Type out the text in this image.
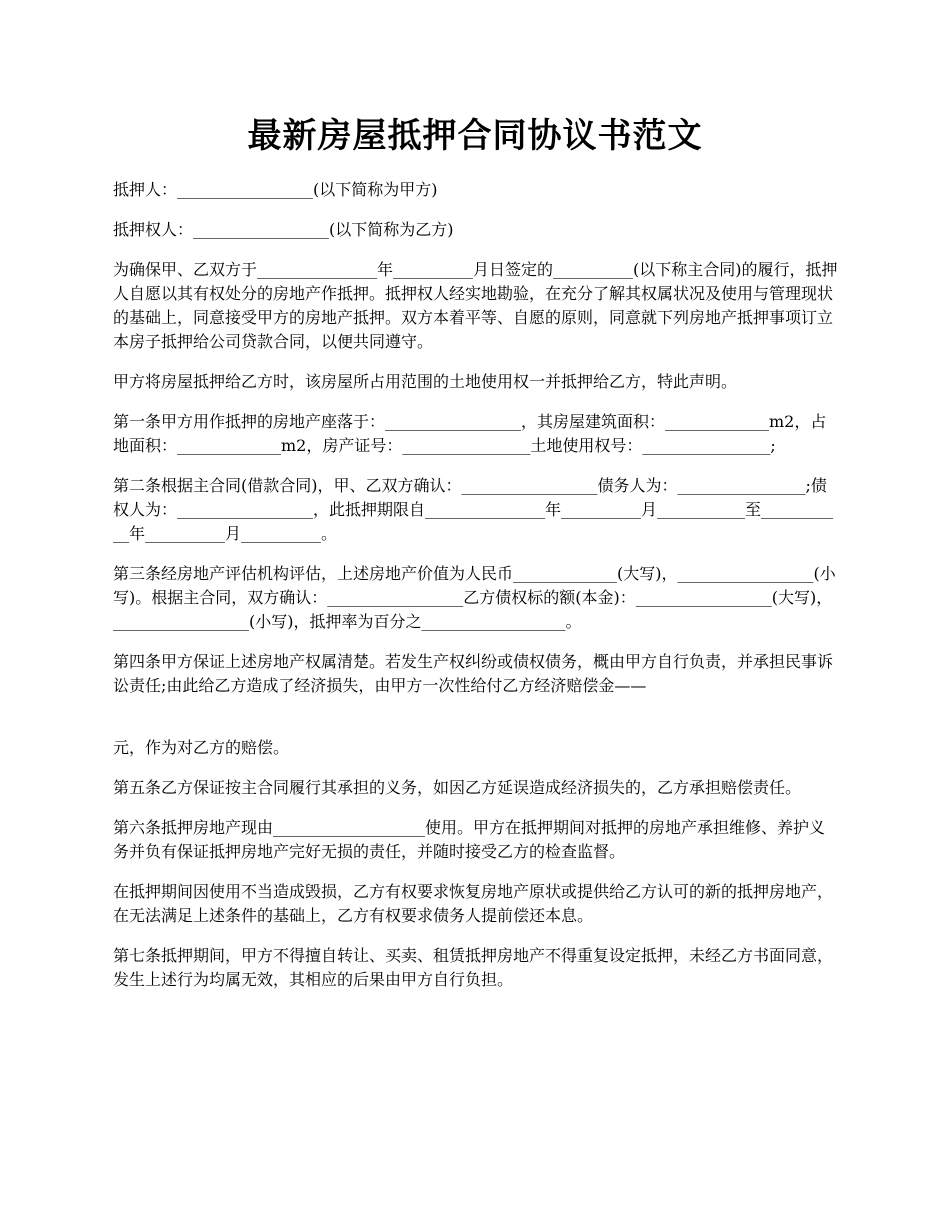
最新房屋抵押合同协议书范文

抵押人：_________________(以下简称为甲方)

抵押权人：_________________(以下简称为乙方)

为确保甲、乙双方于_______________年__________月日签定的__________(以下称主合同)的履行，抵押人自愿以其有权处分的房地产作抵押。抵押权人经实地勘验，在充分了解其权属状况及使用与管理现状的基础上，同意接受甲方的房地产抵押。双方本着平等、自愿的原则，同意就下列房地产抵押事项订立本房子抵押给公司贷款合同，以便共同遵守。

甲方将房屋抵押给乙方时，该房屋所占用范围的土地使用权一并抵押给乙方，特此声明。

第一条甲方用作抵押的房地产座落于：_________________，其房屋建筑面积：_____________m2，占地面积：_____________m2，房产证号：________________土地使用权号：________________;

第二条根据主合同(借款合同)，甲、乙双方确认：_________________债务人为：________________;债权人为：_________________，此抵押期限自_______________年__________月___________至___________年__________月__________。

第三条经房地产评估机构评估，上述房地产价值为人民币_____________(大写)，_________________(小写)。根据主合同，双方确认：_________________乙方债权标的额(本金)：_________________(大写)，_________________(小写)，抵押率为百分之__________________。

第四条甲方保证上述房地产权属清楚。若发生产权纠纷或债权债务，概由甲方自行负责，并承担民事诉讼责任;由此给乙方造成了经济损失，由甲方一次性给付乙方经济赔偿金——

元，作为对乙方的赔偿。

第五条乙方保证按主合同履行其承担的义务，如因乙方延误造成经济损失的，乙方承担赔偿责任。

第六条抵押房地产现由___________________使用。甲方在抵押期间对抵押的房地产承担维修、养护义务并负有保证抵押房地产完好无损的责任，并随时接受乙方的检查监督。

在抵押期间因使用不当造成毁损，乙方有权要求恢复房地产原状或提供给乙方认可的新的抵押房地产，在无法满足上述条件的基础上，乙方有权要求债务人提前偿还本息。

第七条抵押期间，甲方不得擅自转让、买卖、租赁抵押房地产不得重复设定抵押，未经乙方书面同意，发生上述行为均属无效，其相应的后果由甲方自行负担。
